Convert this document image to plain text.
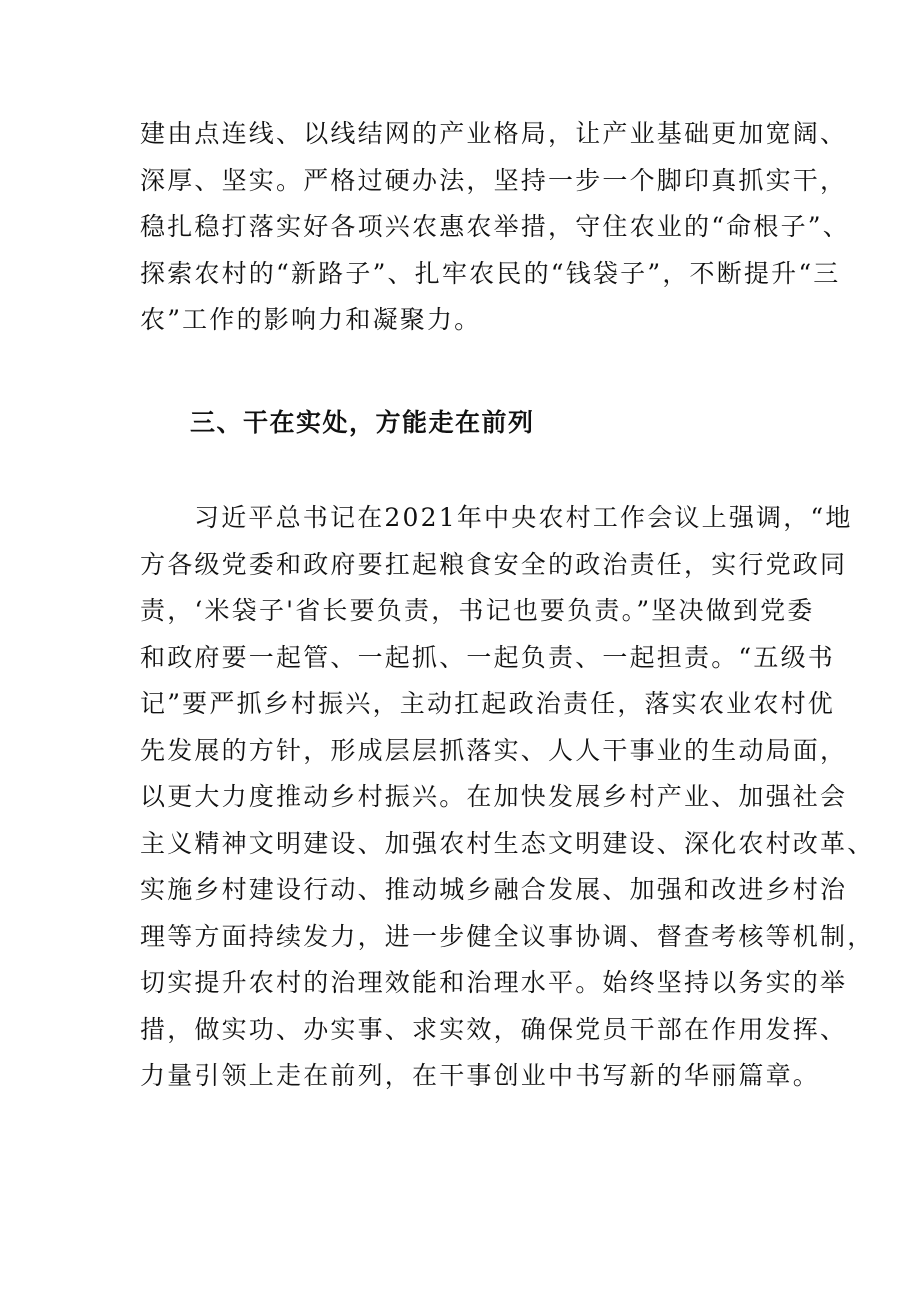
建由点连线、以线结网的产业格局，让产业基础更加宽阔、
深厚、坚实。严格过硬办法，坚持一步一个脚印真抓实干，
稳扎稳打落实好各项兴农惠农举措，守住农业的“命根子”、
探索农村的“新路子”、扎牢农民的“钱袋子”，不断提升“三
农”工作的影响力和凝聚力。
三、干在实处，方能走在前列
习近平总书记在2021年中央农村工作会议上强调，“地
方各级党委和政府要扛起粮食安全的政治责任，实行党政同
责，‘米袋子'省长要负责，书记也要负责。”坚决做到党委
和政府要一起管、一起抓、一起负责、一起担责。“五级书
记”要严抓乡村振兴，主动扛起政治责任，落实农业农村优
先发展的方针，形成层层抓落实、人人干事业的生动局面，
以更大力度推动乡村振兴。在加快发展乡村产业、加强社会
主义精神文明建设、加强农村生态文明建设、深化农村改革、
实施乡村建设行动、推动城乡融合发展、加强和改进乡村治
理等方面持续发力，进一步健全议事协调、督查考核等机制，
切实提升农村的治理效能和治理水平。始终坚持以务实的举
措，做实功、办实事、求实效，确保党员干部在作用发挥、
力量引领上走在前列，在干事创业中书写新的华丽篇章。
